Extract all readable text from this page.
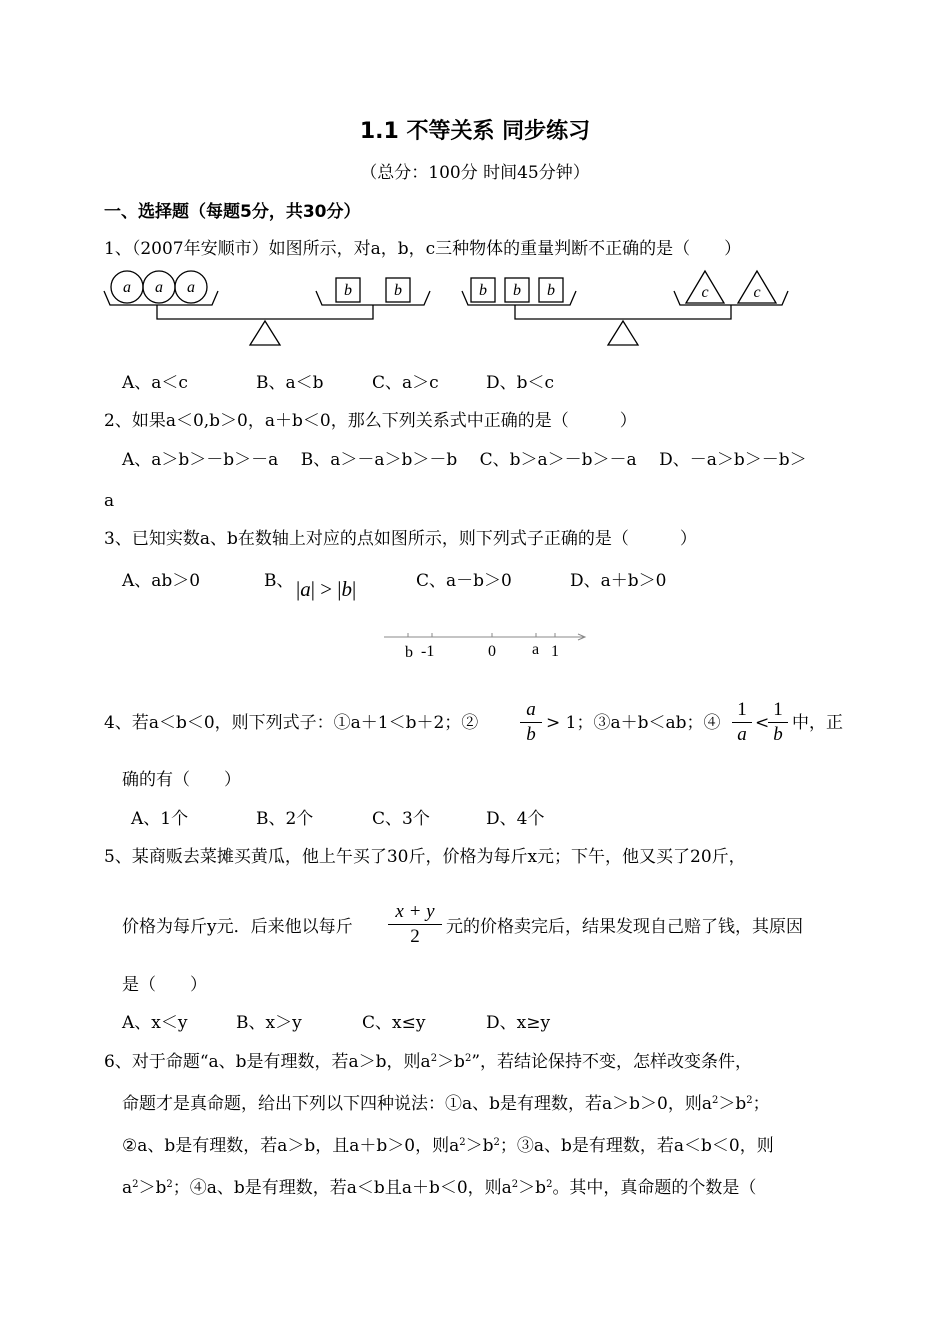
1.1 不等关系 同步练习
（总分：100分 时间45分钟）
一、选择题（每题5分，共30分）
1、（2007年安顺市）如图所示，对a，b，c三种物体的重量判断不正确的是（　　）
a a a	b	b	b b b	c	c
A、a＜c	B、a＜b	C、a＞c	D、b＜c
2、如果a＜0,b＞0，a＋b＜0，那么下列关系式中正确的是（　　　）
A、a＞b＞－b＞－a　 B、a＞－a＞b＞－b　 C、b＞a＞－b＞－a　 D、－a＞b＞－b＞
a
3、已知实数a、b在数轴上对应的点如图所示，则下列式子正确的是（　　　）
A、ab＞0	B、 |a| > |b|	C、a－b＞0	D、a＋b＞0
b -1	0 a 1
4、若a＜b＜0，则下列式子：①a＋1＜b＋2；②
a
b
> 1；③a＋b＜ab；④
1
a
<
1
b
中，正
确的有（　　）
A、1个	B、2个	C、3个	D、4个
5、某商贩去菜摊买黄瓜，他上午买了30斤，价格为每斤x元；下午，他又买了20斤，
价格为每斤y元．后来他以每斤
x + y
2	元的价格卖完后，结果发现自己赔了钱，其原因
是（　　）
A、x＜y	B、x＞y	C、x≤y	D、x≥y
6、对于命题“a、b是有理数，若a＞b，则$a^2>b^2$”，若结论保持不变，怎样改变条件，
命题才是真命题，给出下列以下四种说法：①a、b是有理数，若a＞b＞0，则$a^2>b^2$；
②a、b是有理数，若a＞b，且a＋b＞0，则$a^2>b^2$；③a、b是有理数，若a＜b＜0，则
$a^2>b^2$；④a、b是有理数，若a＜b且a＋b＜0，则$a^2>b^2$。其中，真命题的个数是（
